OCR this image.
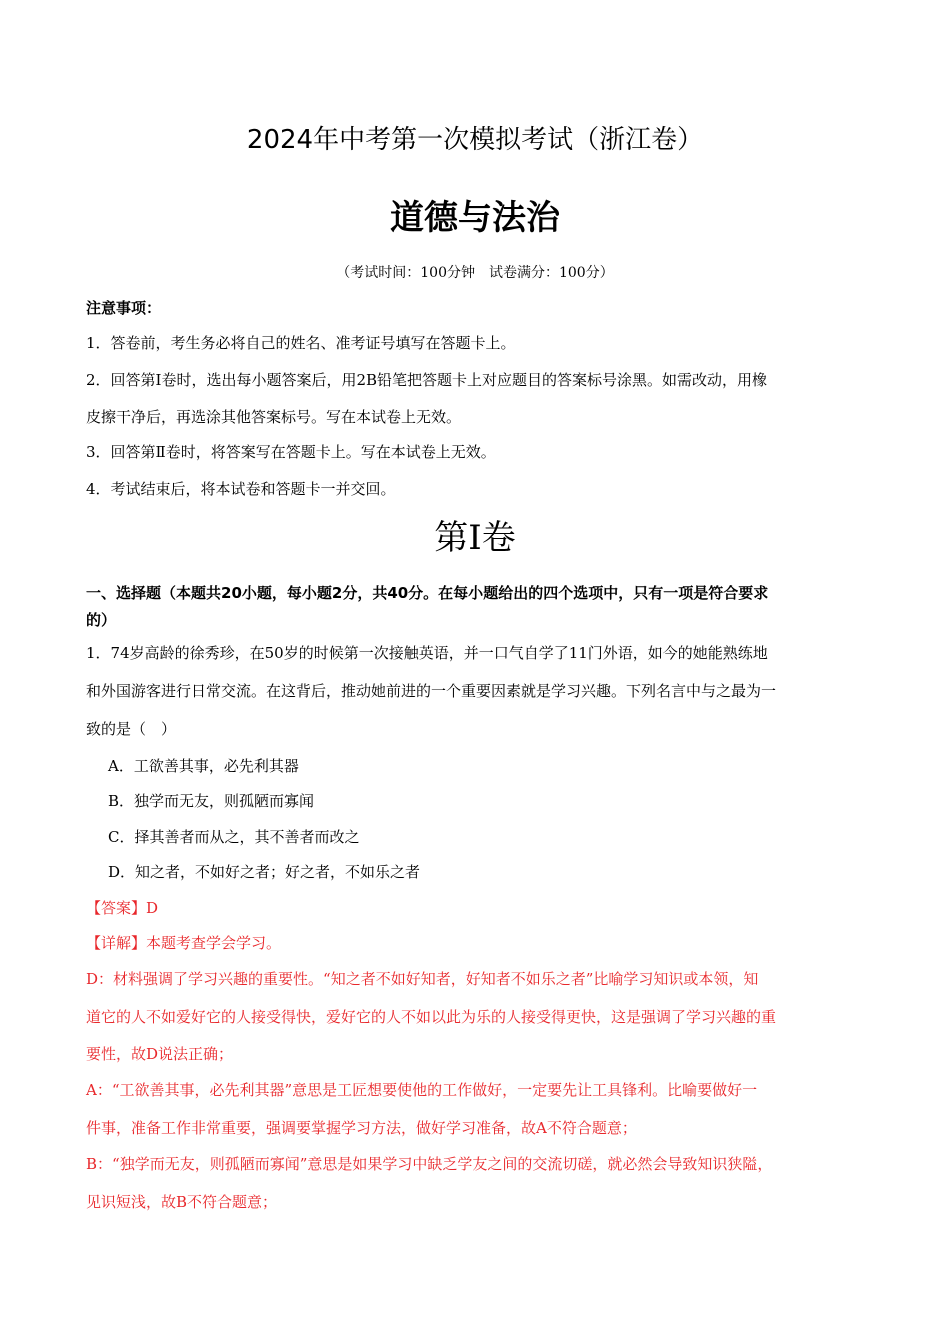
2024年中考第一次模拟考试（浙江卷）
道德与法治
（考试时间：100分钟　试卷满分：100分）
注意事项：
1．答卷前，考生务必将自己的姓名、准考证号填写在答题卡上。
2．回答第Ⅰ卷时，选出每小题答案后，用2B铅笔把答题卡上对应题目的答案标号涂黑。如需改动，用橡
皮擦干净后，再选涂其他答案标号。写在本试卷上无效。
3．回答第Ⅱ卷时，将答案写在答题卡上。写在本试卷上无效。
4．考试结束后，将本试卷和答题卡一并交回。
第Ⅰ卷
一、选择题（本题共20小题，每小题2分，共40分。在每小题给出的四个选项中，只有一项是符合要求
的）
1．74岁高龄的徐秀珍，在50岁的时候第一次接触英语，并一口气自学了11门外语，如今的她能熟练地
和外国游客进行日常交流。在这背后，推动她前进的一个重要因素就是学习兴趣。下列名言中与之最为一
致的是（　）
A．工欲善其事，必先利其器
B．独学而无友，则孤陋而寡闻
C．择其善者而从之，其不善者而改之
D．知之者，不如好之者；好之者，不如乐之者
【答案】D
【详解】本题考查学会学习。
D：材料强调了学习兴趣的重要性。“知之者不如好知者，好知者不如乐之者”比喻学习知识或本领，知
道它的人不如爱好它的人接受得快，爱好它的人不如以此为乐的人接受得更快，这是强调了学习兴趣的重
要性，故D说法正确；
A：“工欲善其事，必先利其器”意思是工匠想要使他的工作做好，一定要先让工具锋利。比喻要做好一
件事，准备工作非常重要，强调要掌握学习方法，做好学习准备，故A不符合题意；
B：“独学而无友，则孤陋而寡闻”意思是如果学习中缺乏学友之间的交流切磋，就必然会导致知识狭隘，
见识短浅，故B不符合题意；
